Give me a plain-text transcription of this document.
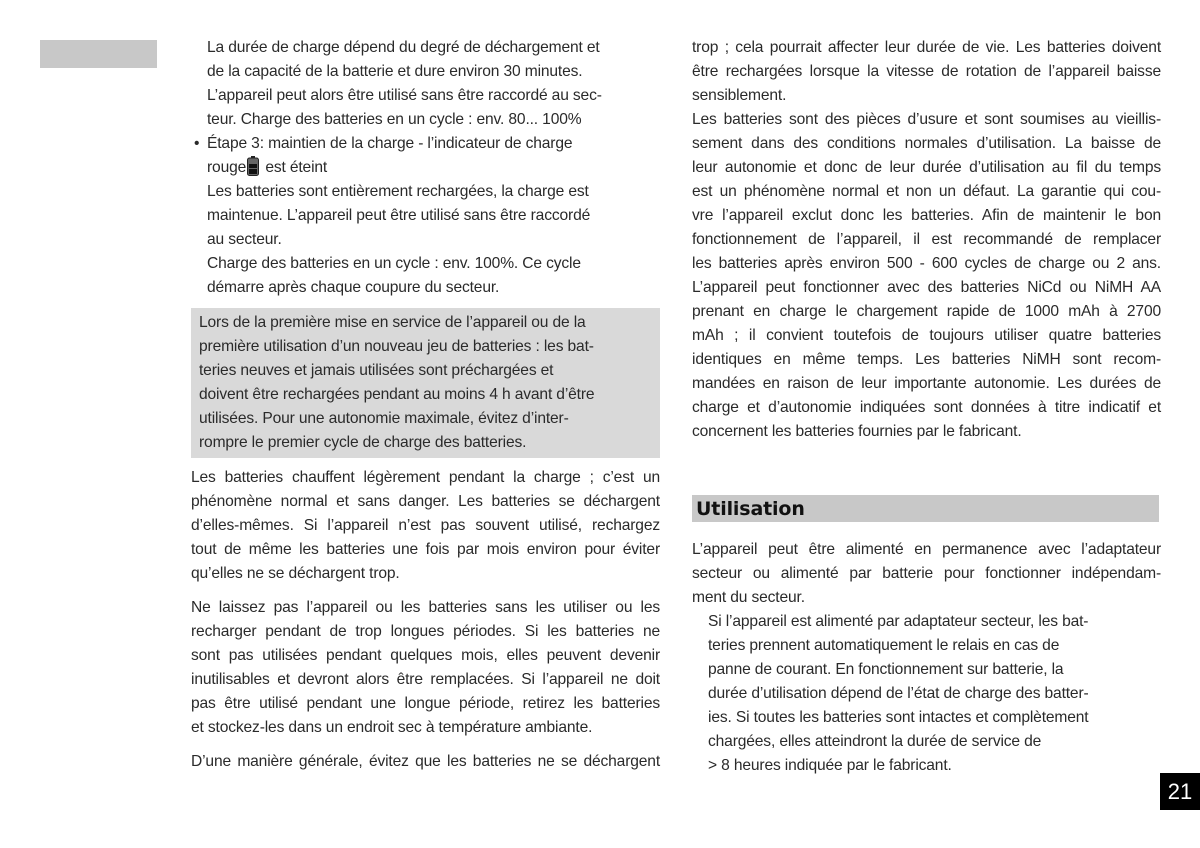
La durée de charge dépend du degré de déchargement et
de la capacité de la batterie et dure environ 30 minutes.
L’appareil peut alors être utilisé sans être raccordé au sec-
teur. Charge des batteries en un cycle : env. 80... 100%
• Étape 3: maintien de la charge - l’indicateur de charge
rouge
est éteint
Les batteries sont entièrement rechargées, la charge est
maintenue. L’appareil peut être utilisé sans être raccordé
au secteur.
Charge des batteries en un cycle : env. 100%. Ce cycle
démarre après chaque coupure du secteur.
Lors de la première mise en service de l’appareil ou de la
première utilisation d’un nouveau jeu de batteries : les bat-
teries neuves et jamais utilisées sont préchargées et
doivent être rechargées pendant au moins 4 h avant d’être
utilisées. Pour une autonomie maximale, évitez d’inter-
rompre le premier cycle de charge des batteries.
Les batteries chauffent légèrement pendant la charge ; c’est un
phénomène normal et sans danger. Les batteries se déchargent
d’elles-mêmes. Si l’appareil n’est pas souvent utilisé, rechargez
tout de même les batteries une fois par mois environ pour éviter
qu’elles ne se déchargent trop.
Ne laissez pas l’appareil ou les batteries sans les utiliser ou les
recharger pendant de trop longues périodes. Si les batteries ne
sont pas utilisées pendant quelques mois, elles peuvent devenir
inutilisables et devront alors être remplacées. Si l’appareil ne doit
pas être utilisé pendant une longue période, retirez les batteries
et stockez-les dans un endroit sec à température ambiante.
D’une manière générale, évitez que les batteries ne se déchargent
trop ; cela pourrait affecter leur durée de vie. Les batteries doivent
être rechargées lorsque la vitesse de rotation de l’appareil baisse
sensiblement.
Les batteries sont des pièces d’usure et sont soumises au vieillis-
sement dans des conditions normales d’utilisation. La baisse de
leur autonomie et donc de leur durée d’utilisation au fil du temps
est un phénomène normal et non un défaut. La garantie qui cou-
vre l’appareil exclut donc les batteries. Afin de maintenir le bon
fonctionnement de l’appareil, il est recommandé de remplacer
les batteries après environ 500 - 600 cycles de charge ou 2 ans.
L’appareil peut fonctionner avec des batteries NiCd ou NiMH AA
prenant en charge le chargement rapide de 1000 mAh à 2700
mAh ; il convient toutefois de toujours utiliser quatre batteries
identiques en même temps. Les batteries NiMH sont recom-
mandées en raison de leur importante autonomie. Les durées de
charge et d’autonomie indiquées sont données à titre indicatif et
concernent les batteries fournies par le fabricant.
Utilisation
L’appareil peut être alimenté en permanence avec l’adaptateur
secteur ou alimenté par batterie pour fonctionner indépendam-
ment du secteur.
Si l’appareil est alimenté par adaptateur secteur, les bat-
teries prennent automatiquement le relais en cas de
panne de courant. En fonctionnement sur batterie, la
durée d’utilisation dépend de l’état de charge des batter-
ies. Si toutes les batteries sont intactes et complètement
chargées, elles atteindront la durée de service de
> 8 heures indiquée par le fabricant.
21
